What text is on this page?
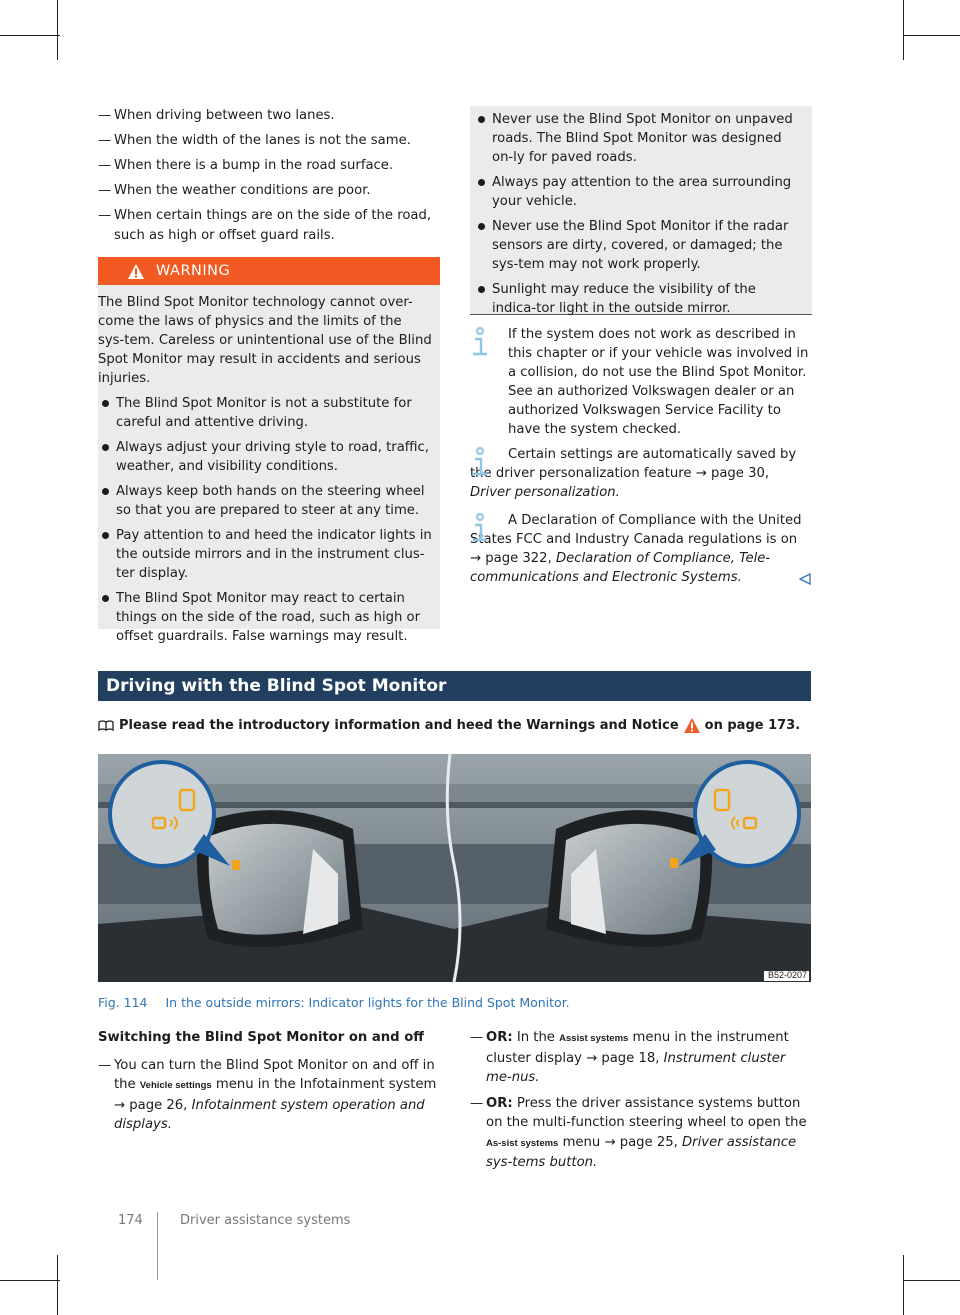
— When driving between two lanes.
— When the width of the lanes is not the same.
— When there is a bump in the road surface.
— When the weather conditions are poor.
— When certain things are on the side of the road, such as high or offset guard rails.
WARNING

The Blind Spot Monitor technology cannot over-come the laws of physics and the limits of the sys-tem. Careless or unintentional use of the Blind Spot Monitor may result in accidents and serious injuries.

The Blind Spot Monitor is not a substitute for careful and attentive driving.
Always adjust your driving style to road, traffic, weather, and visibility conditions.
Always keep both hands on the steering wheel so that you are prepared to steer at any time.
Pay attention to and heed the indicator lights in the outside mirrors and in the instrument clus-ter display.
The Blind Spot Monitor may react to certain things on the side of the road, such as high or offset guardrails. False warnings may result.
Never use the Blind Spot Monitor on unpaved roads. The Blind Spot Monitor was designed on-ly for paved roads.
Always pay attention to the area surrounding your vehicle.
Never use the Blind Spot Monitor if the radar sensors are dirty, covered, or damaged; the sys-tem may not work properly.
Sunlight may reduce the visibility of the indica-tor light in the outside mirror.
If the system does not work as described in this chapter or if your vehicle was involved in a collision, do not use the Blind Spot Monitor. See an authorized Volkswagen dealer or an authorized Volkswagen Service Facility to have the system checked.
Certain settings are automatically saved by the driver personalization feature → page 30, Driver personalization.
A Declaration of Compliance with the United States FCC and Industry Canada regulations is on → page 322, Declaration of Compliance, Tele-communications and Electronic Systems.
Driving with the Blind Spot Monitor
Please read the introductory information and heed the Warnings and Notice on page 173.
B52-0207
Fig. 114 In the outside mirrors: Indicator lights for the Blind Spot Monitor.
Switching the Blind Spot Monitor on and off
— You can turn the Blind Spot Monitor on and off in the Vehicle settings menu in the Infotainment system → page 26, Infotainment system operation and displays.
— OR: In the Assist systems menu in the instrument cluster display → page 18, Instrument cluster me-nus.
— OR: Press the driver assistance systems button on the multi-function steering wheel to open the As-sist systems menu → page 25, Driver assistance sys-tems button.
174	Driver assistance systems
